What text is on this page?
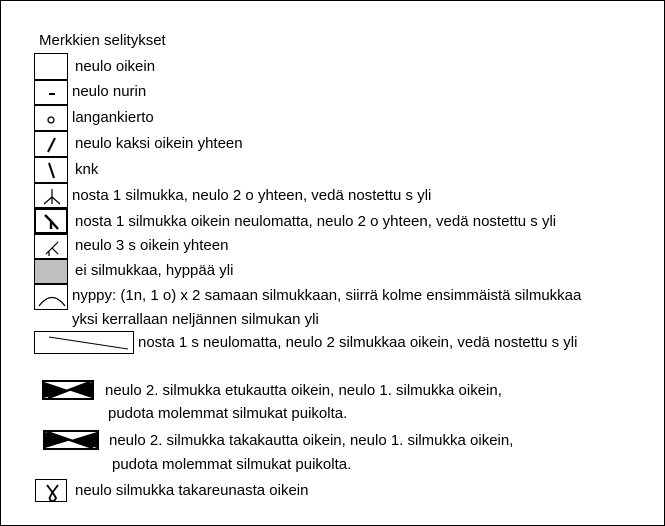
Merkkien selitykset
neulo oikein
neulo nurin
langankierto
neulo kaksi oikein yhteen
knk
nosta 1 silmukka, neulo 2 o yhteen, vedä nostettu s yli
nosta 1 silmukka oikein neulomatta, neulo 2 o yhteen, vedä nostettu s yli
neulo 3 s oikein yhteen
ei silmukkaa, hyppää yli
nyppy: (1n, 1 o) x 2 samaan silmukkaan, siirrä kolme ensimmäistä silmukkaa
yksi kerrallaan neljännen silmukan yli
nosta 1 s neulomatta, neulo 2 silmukkaa oikein, vedä nostettu s yli
neulo 2. silmukka etukautta oikein, neulo 1. silmukka oikein,
pudota molemmat silmukat puikolta.
neulo 2. silmukka takakautta oikein, neulo 1. silmukka oikein,
pudota molemmat silmukat puikolta.
neulo silmukka takareunasta oikein
